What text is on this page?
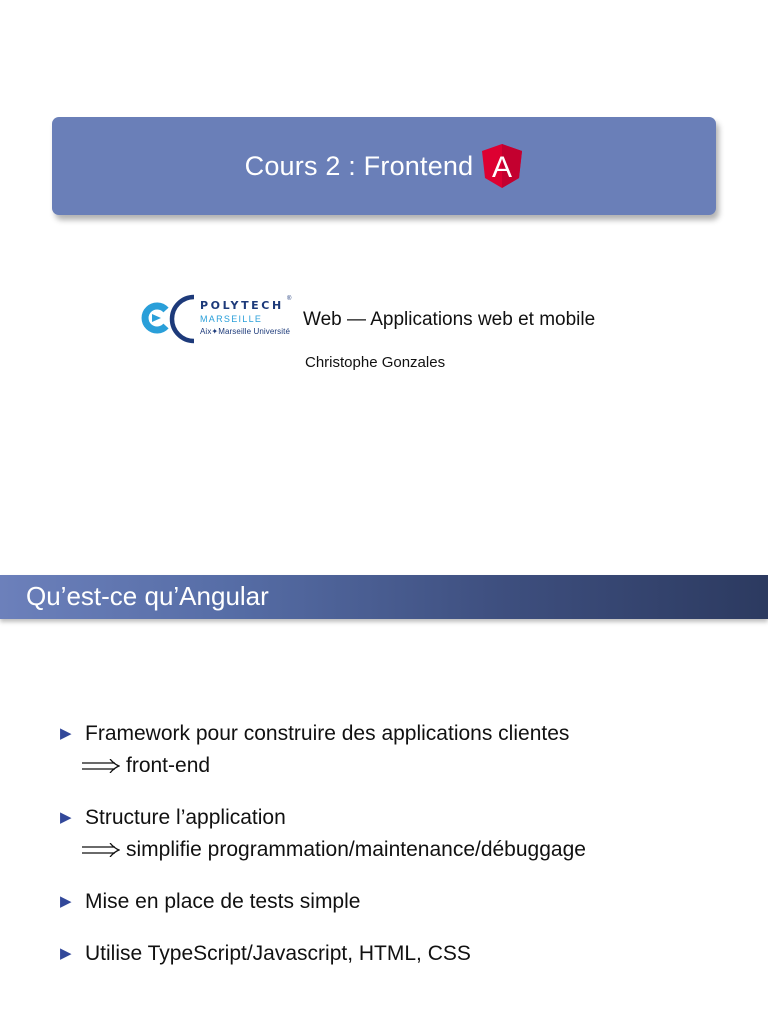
Cours 2 : Frontend A
POLYTECH ®
MARSEILLE
Aix✦Marseille Université
Web — Applications web et mobile
Christophe Gonzales
Qu’est-ce qu’Angular
▶ Framework pour construire des applications clientes
front-end
▶ Structure l’application
simplifie programmation/maintenance/débuggage
▶ Mise en place de tests simple
▶ Utilise TypeScript/Javascript, HTML, CSS
